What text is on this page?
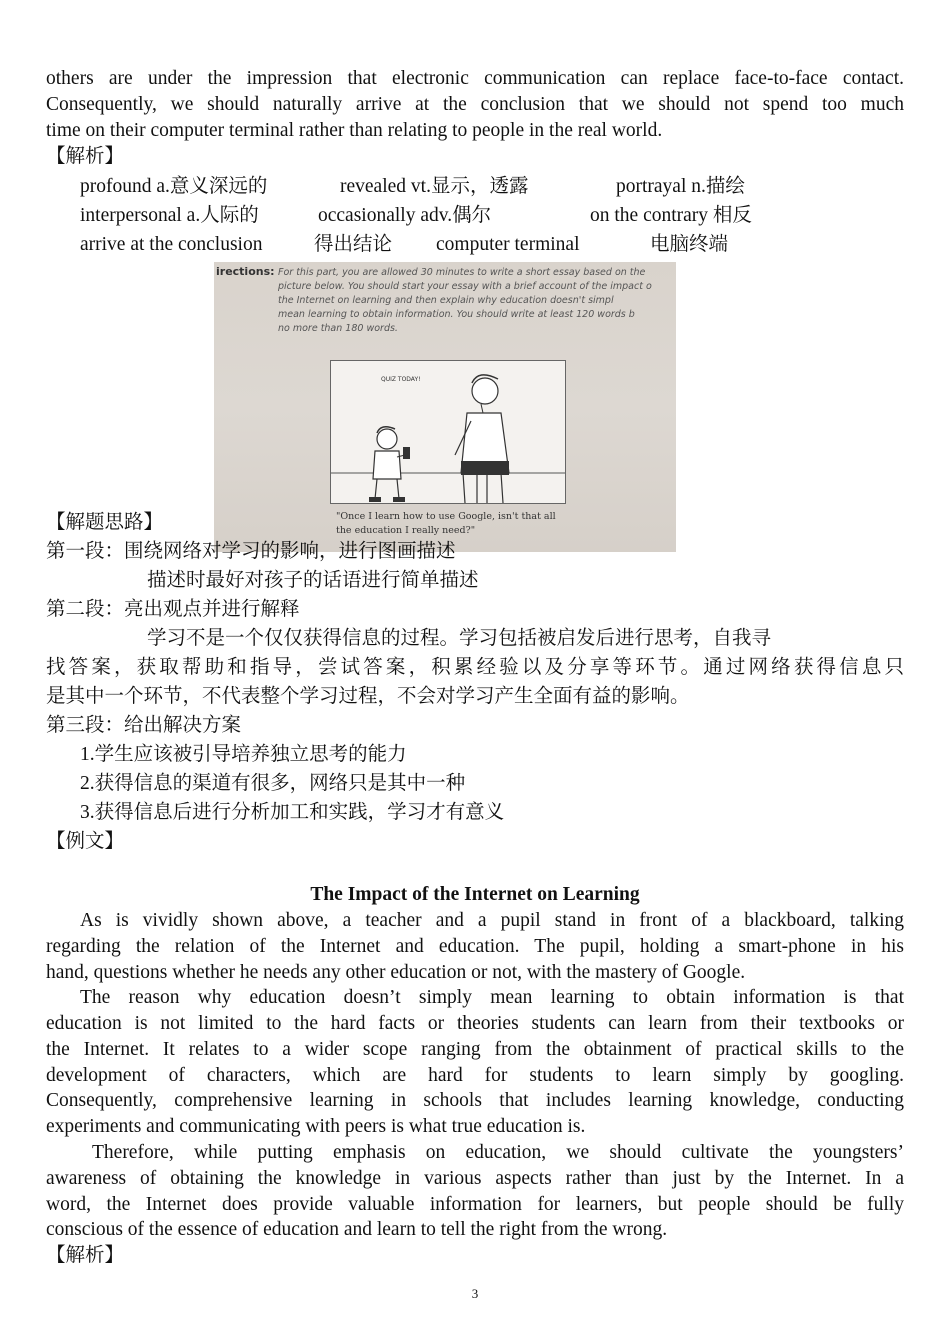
others are under the impression that electronic communication can replace face-to-face contact.
Consequently, we should naturally arrive at the conclusion that we should not spend too much
time on their computer terminal rather than relating to people in the real world.
【解析】
profound a.意义深远的	revealed vt.显示，透露	portrayal n.描绘
interpersonal a.人际的	occasionally adv.偶尔	on the contrary 相反
arrive at the conclusion	得出结论 computer terminal	电脑终端
irections: For this part, you are allowed 30 minutes to write a short essay based on the
picture below. You should start your essay with a brief account of the impact o
the Internet on learning and then explain why education doesn't simpl
mean learning to obtain information. You should write at least 120 words b
no more than 180 words.
QUIZ TODAY!
"Once I learn how to use Google, isn't that all
the education I really need?"
【解题思路】
第一段：围绕网络对学习的影响，进行图画描述
描述时最好对孩子的话语进行简单描述
第二段：亮出观点并进行解释
学习不是一个仅仅获得信息的过程。学习包括被启发后进行思考，自我寻
找答案，获取帮助和指导，尝试答案，积累经验以及分享等环节。通过网络获得信息只
是其中一个环节，不代表整个学习过程，不会对学习产生全面有益的影响。
第三段：给出解决方案
1.学生应该被引导培养独立思考的能力
2.获得信息的渠道有很多，网络只是其中一种
3.获得信息后进行分析加工和实践，学习才有意义
【例文】
The Impact of the Internet on Learning
As is vividly shown above, a teacher and a pupil stand in front of a blackboard, talking
regarding the relation of the Internet and education. The pupil, holding a smart-phone in his
hand, questions whether he needs any other education or not, with the mastery of Google.
The reason why education doesn’t simply mean learning to obtain information is that
education is not limited to the hard facts or theories students can learn from their textbooks or
the Internet. It relates to a wider scope ranging from the obtainment of practical skills to the
development of characters, which are hard for students to learn simply by googling.
Consequently, comprehensive learning in schools that includes learning knowledge, conducting
experiments and communicating with peers is what true education is.
Therefore, while putting emphasis on education, we should cultivate the youngsters’
awareness of obtaining the knowledge in various aspects rather than just by the Internet. In a
word, the Internet does provide valuable information for learners, but people should be fully
conscious of the essence of education and learn to tell the right from the wrong.
【解析】
3
